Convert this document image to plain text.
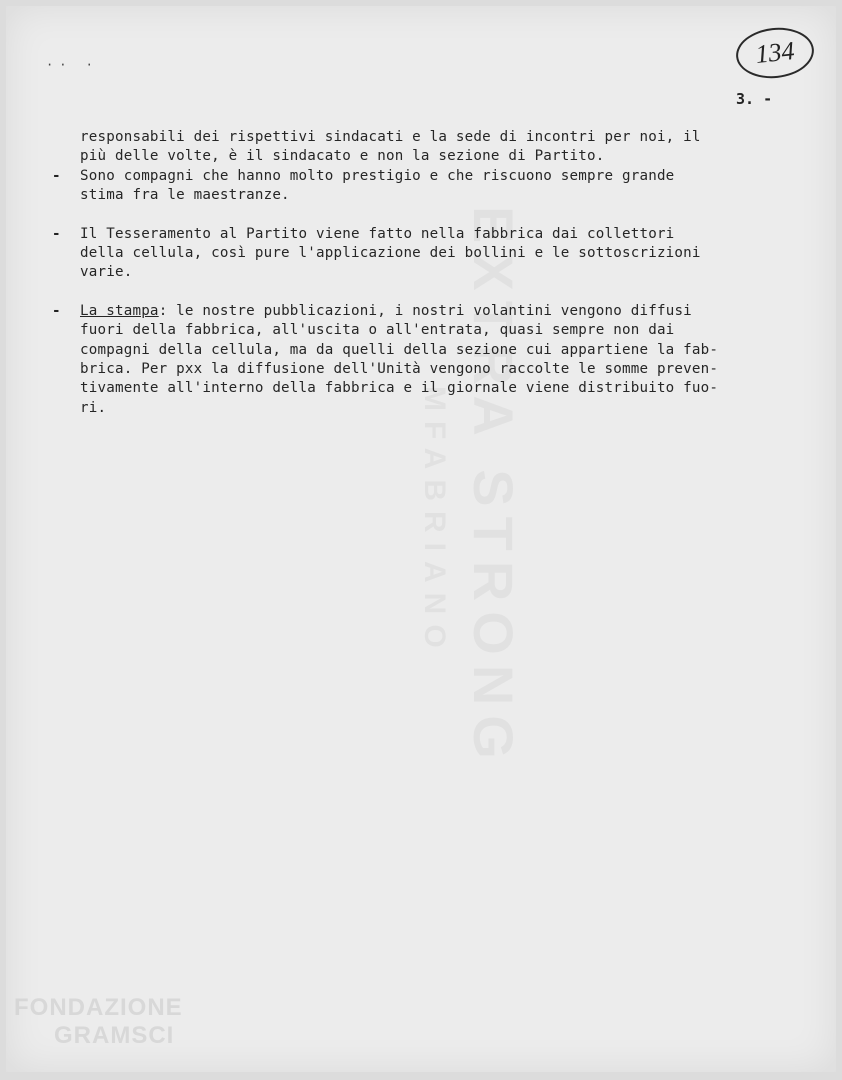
·· ·	134
3. -
responsabili dei rispettivi sindacati e la sede di incontri per noi, il
più delle volte, è il sindacato e non la sezione di Partito.
- Sono compagni che hanno molto prestigio e che riscuono sempre grande
stima fra le maestranze.
- Il Tesseramento al Partito viene fatto nella fabbrica dai collettori
della cellula, così pure l'applicazione dei bollini e le sottoscrizioni
varie.
- La stampa: le nostre pubblicazioni, i nostri volantini vengono diffusi
fuori della fabbrica, all'uscita o all'entrata, quasi sempre non dai
compagni della cellula, ma da quelli della sezione cui appartiene la fab-
brica. Per pxx la diffusione dell'Unità vengono raccolte le somme preven-
tivamente all'interno della fabbrica e il giornale viene distribuito fuo-
ri.
FONDAZIONE
GRAMSCI
